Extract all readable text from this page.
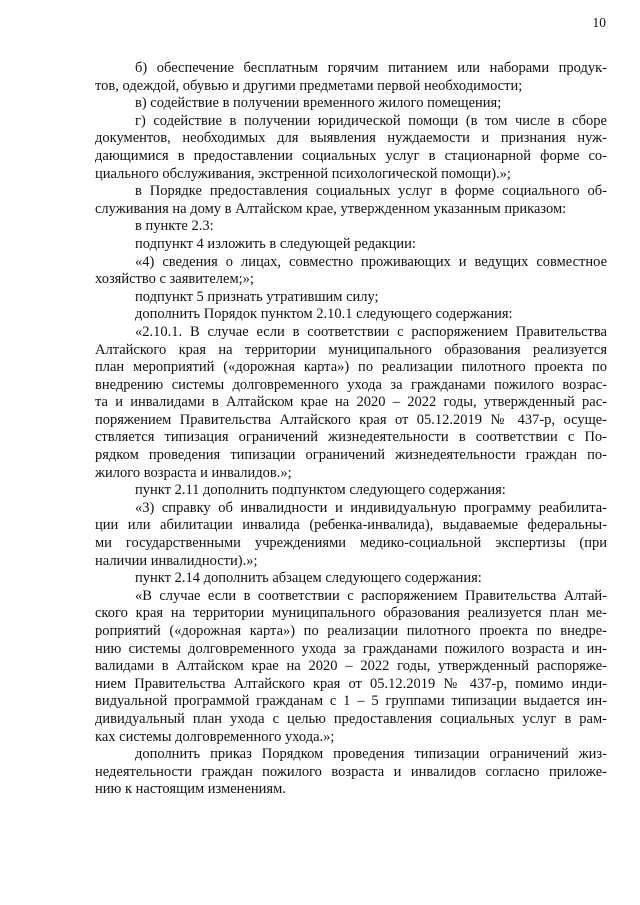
10
б) обеспечение бесплатным горячим питанием или наборами продук-
тов, одеждой, обувью и другими предметами первой необходимости;
в) содействие в получении временного жилого помещения;
г) содействие в получении юридической помощи (в том числе в сборе
документов, необходимых для выявления нуждаемости и признания нуж-
дающимися в предоставлении социальных услуг в стационарной форме со-
циального обслуживания, экстренной психологической помощи).»;
в Порядке предоставления социальных услуг в форме социального об-
служивания на дому в Алтайском крае, утвержденном указанным приказом:
в пункте 2.3:
подпункт 4 изложить в следующей редакции:
«4) сведения о лицах, совместно проживающих и ведущих совместное
хозяйство с заявителем;»;
подпункт 5 признать утратившим силу;
дополнить Порядок пунктом 2.10.1 следующего содержания:
«2.10.1. В случае если в соответствии с распоряжением Правительства
Алтайского края на территории муниципального образования реализуется
план мероприятий («дорожная карта») по реализации пилотного проекта по
внедрению системы долговременного ухода за гражданами пожилого возрас-
та и инвалидами в Алтайском крае на 2020 – 2022 годы, утвержденный рас-
поряжением Правительства Алтайского края от 05.12.2019 № 437-р, осуще-
ствляется типизация ограничений жизнедеятельности в соответствии с По-
рядком проведения типизации ограничений жизнедеятельности граждан по-
жилого возраста и инвалидов.»;
пункт 2.11 дополнить подпунктом следующего содержания:
«3) справку об инвалидности и индивидуальную программу реабилита-
ции или абилитации инвалида (ребенка-инвалида), выдаваемые федеральны-
ми государственными учреждениями медико-социальной экспертизы (при
наличии инвалидности).»;
пункт 2.14 дополнить абзацем следующего содержания:
«В случае если в соответствии с распоряжением Правительства Алтай-
ского края на территории муниципального образования реализуется план ме-
роприятий («дорожная карта») по реализации пилотного проекта по внедре-
нию системы долговременного ухода за гражданами пожилого возраста и ин-
валидами в Алтайском крае на 2020 – 2022 годы, утвержденный распоряже-
нием Правительства Алтайского края от 05.12.2019 № 437-р, помимо инди-
видуальной программой гражданам с 1 – 5 группами типизации выдается ин-
дивидуальный план ухода с целью предоставления социальных услуг в рам-
ках системы долговременного ухода.»;
дополнить приказ Порядком проведения типизации ограничений жиз-
недеятельности граждан пожилого возраста и инвалидов согласно приложе-
нию к настоящим изменениям.
